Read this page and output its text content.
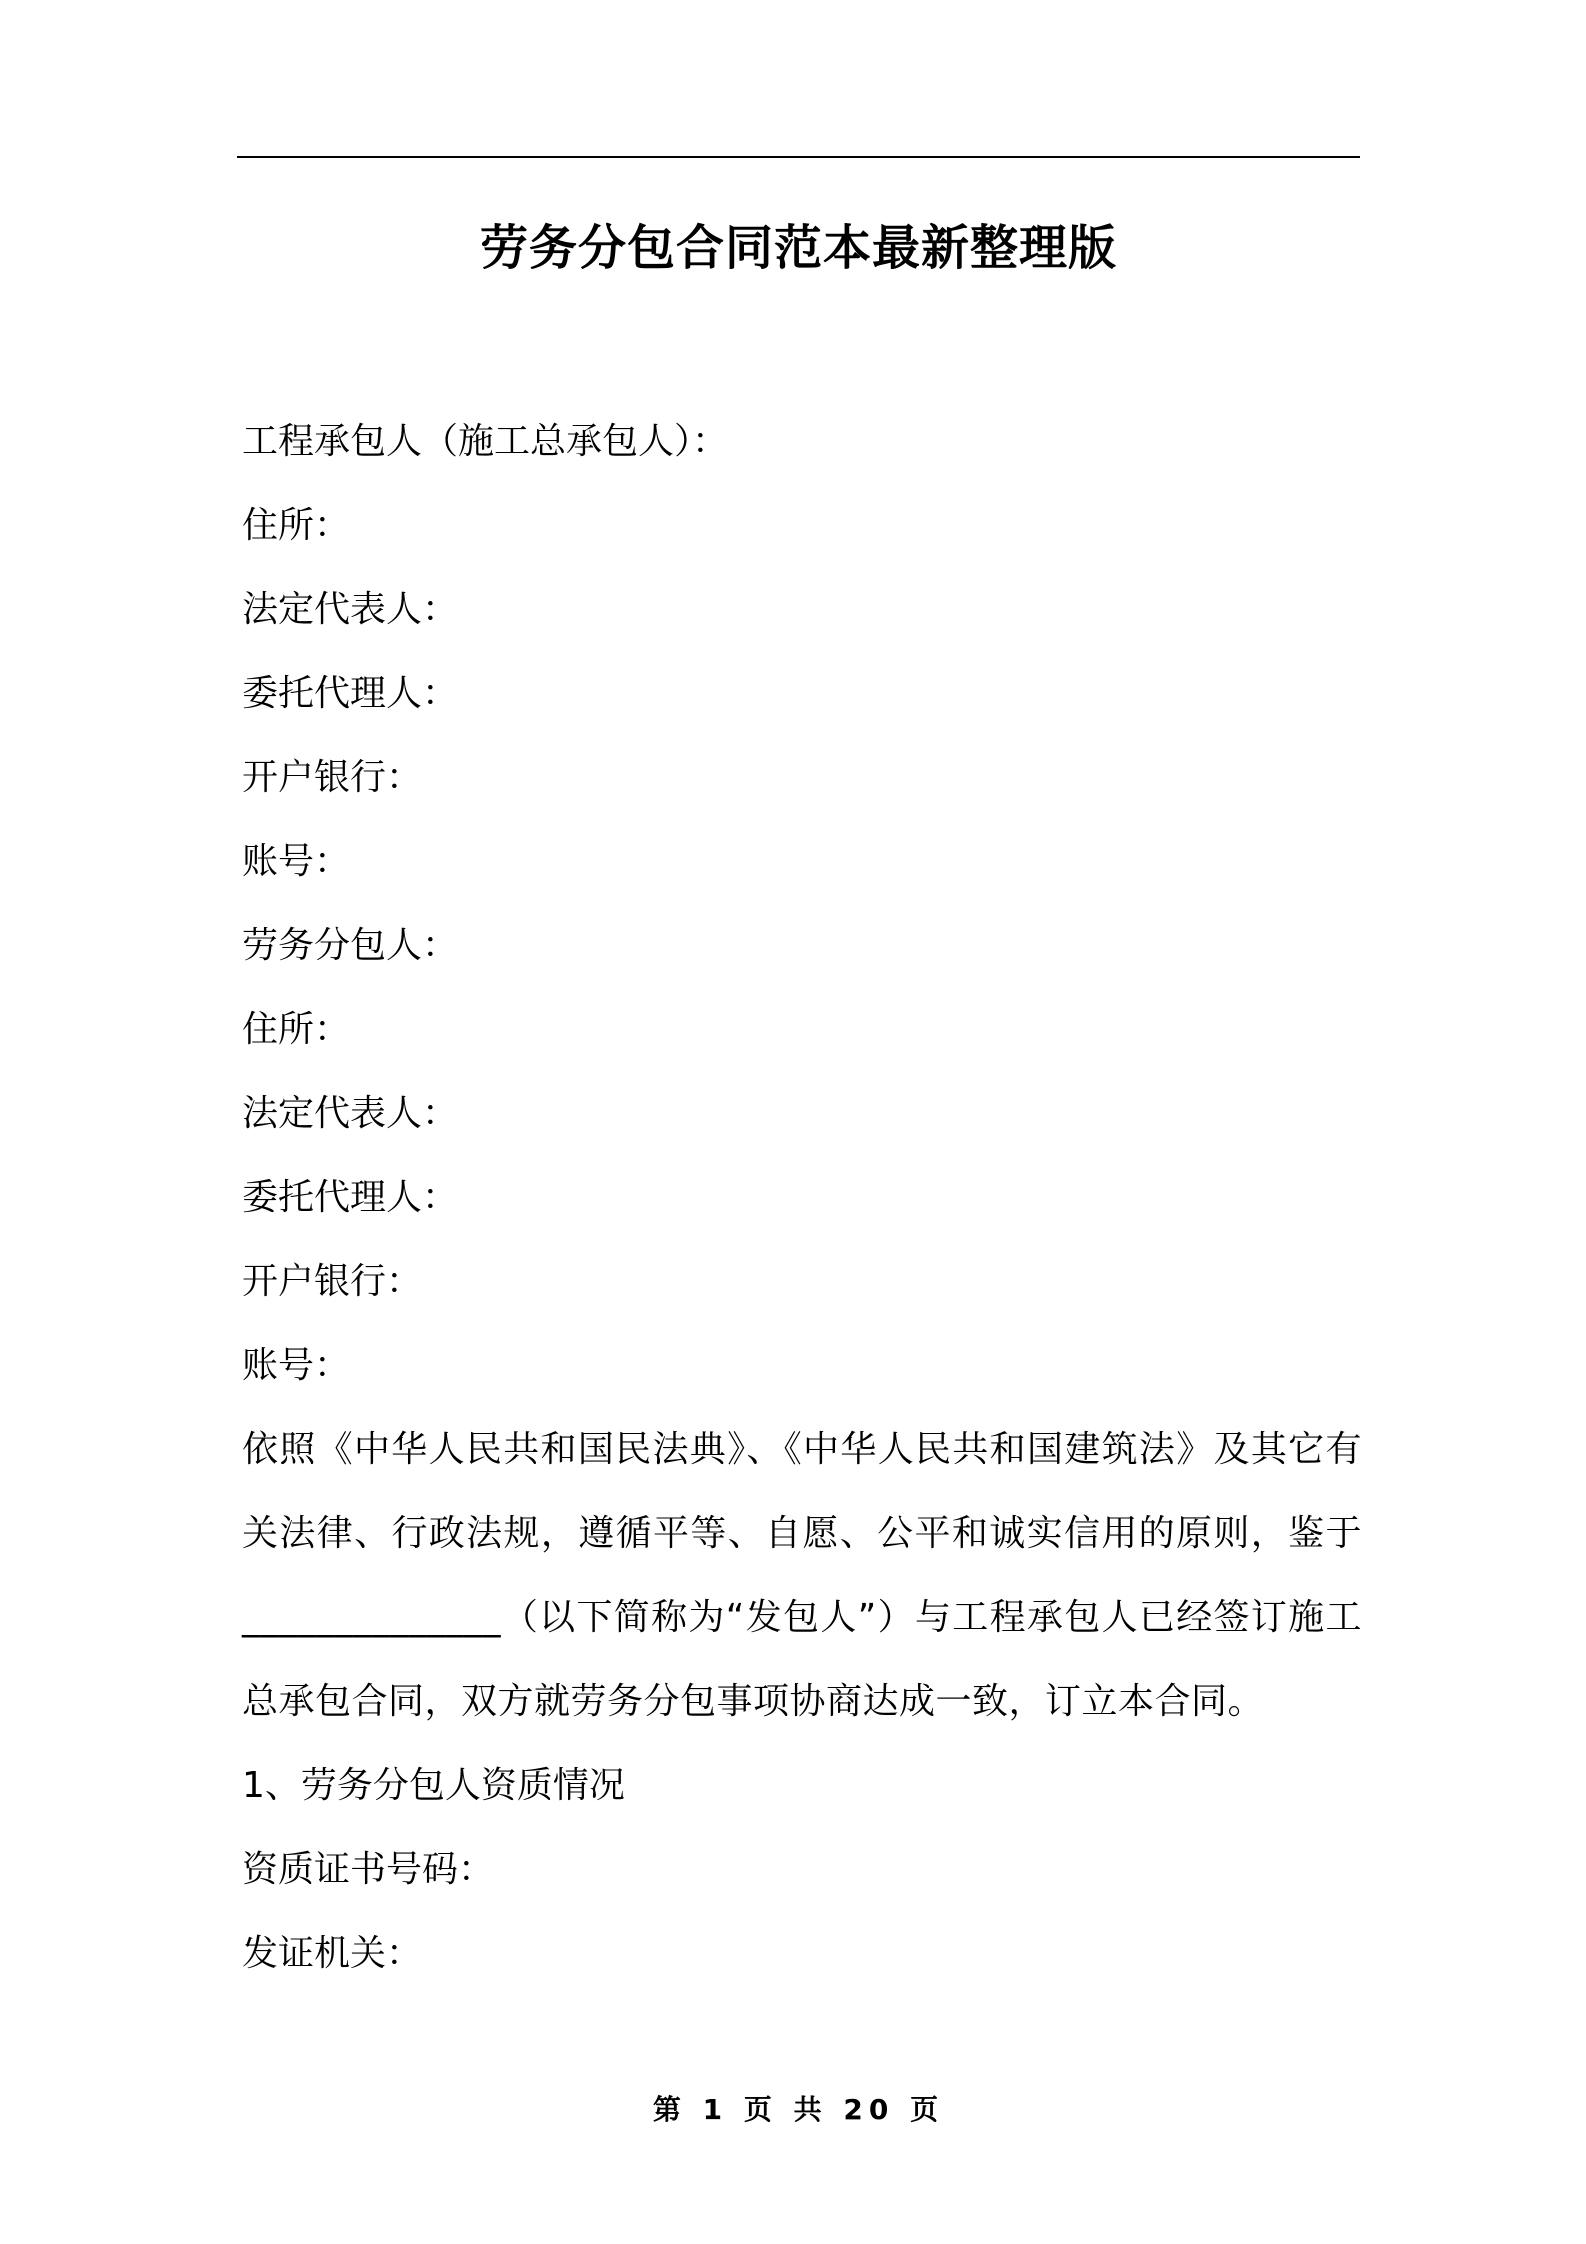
劳务分包合同范本最新整理版

工程承包人（施工总承包人）：

住所：

法定代表人：

委托代理人：

开户银行：

账号：

劳务分包人：

住所：

法定代表人：

委托代理人：

开户银行：

账号：

依照《中华人民共和国民法典》、《中华人民共和国建筑法》及其它有关法律、行政法规，遵循平等、自愿、公平和诚实信用的原则，鉴于______________（以下简称为“发包人”）与工程承包人已经签订施工总承包合同，双方就劳务分包事项协商达成一致，订立本合同。

1、劳务分包人资质情况

资质证书号码：

发证机关：

第 1 页 共 20 页
